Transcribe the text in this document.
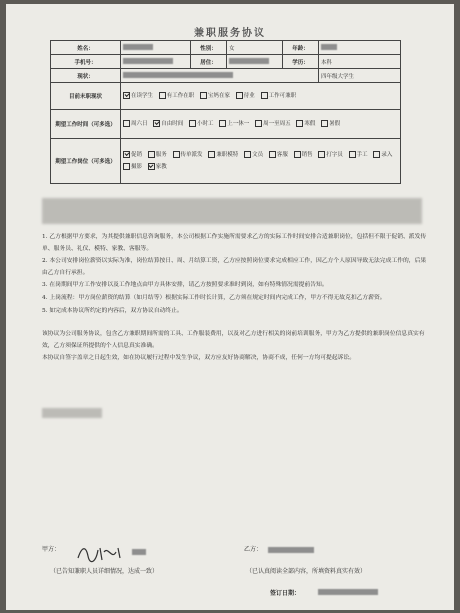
兼职服务协议
姓名：		性别：	女	年龄：	
手机号：		居住：		学历：	本科
现状：					四年级大学生
目前未职现状	在读学生 有工作在职 宝妈在家 待业 工作可兼职				
期望工作时间（可多选）	周六日 自由时间 小时工 上一休一 周一至周五 寒假 暑假				
期望工作岗位（可多选）	促销 服务 传单派发 兼职模特 文员 客服 销售 打字员 手工 录入 摄影 家教				

1. 乙方根据甲方要求，为其提供兼职信息咨询服务，本公司根据工作实施所需要求乙方的实际工作时间安排合适兼职岗位，包括但不限于促销、派发传单、服务员、礼仪、模特、家教、客服等。

2. 本公司安排岗位薪资以实际为准，岗位结算按日、周、月结算工资，乙方应按照岗位要求完成相应工作，因乙方个人原因导致无法完成工作的，后果由乙方自行承担。

3. 在岗期间甲方工作安排以及工作地点由甲方具体安排，请乙方按照要求准时到岗，如有特殊情况需提前告知。

4. 上岗流程：甲方岗位薪资的结算（如月结等）根据实际工作时长计算，乙方须在规定时间内完成工作，甲方不得无故克扣乙方薪资。

5. 如完成本协议所约定的内容后，双方协议自动终止。

该协议为公司服务协议，包含乙方兼职期间所需的工具、工作服装费用，以及对乙方进行相关的岗前培训服务，甲方为乙方提供的兼职岗位信息真实有效，乙方须保证所提供的个人信息真实准确。

本协议自签字盖章之日起生效，如在协议履行过程中发生争议，双方应友好协商解决，协商不成，任何一方均可提起诉讼。

甲方：
（已告知兼职人员详细情况，达成一致）
乙方：
（已认真阅读全部内容，所填资料真实有效）
签订日期：
